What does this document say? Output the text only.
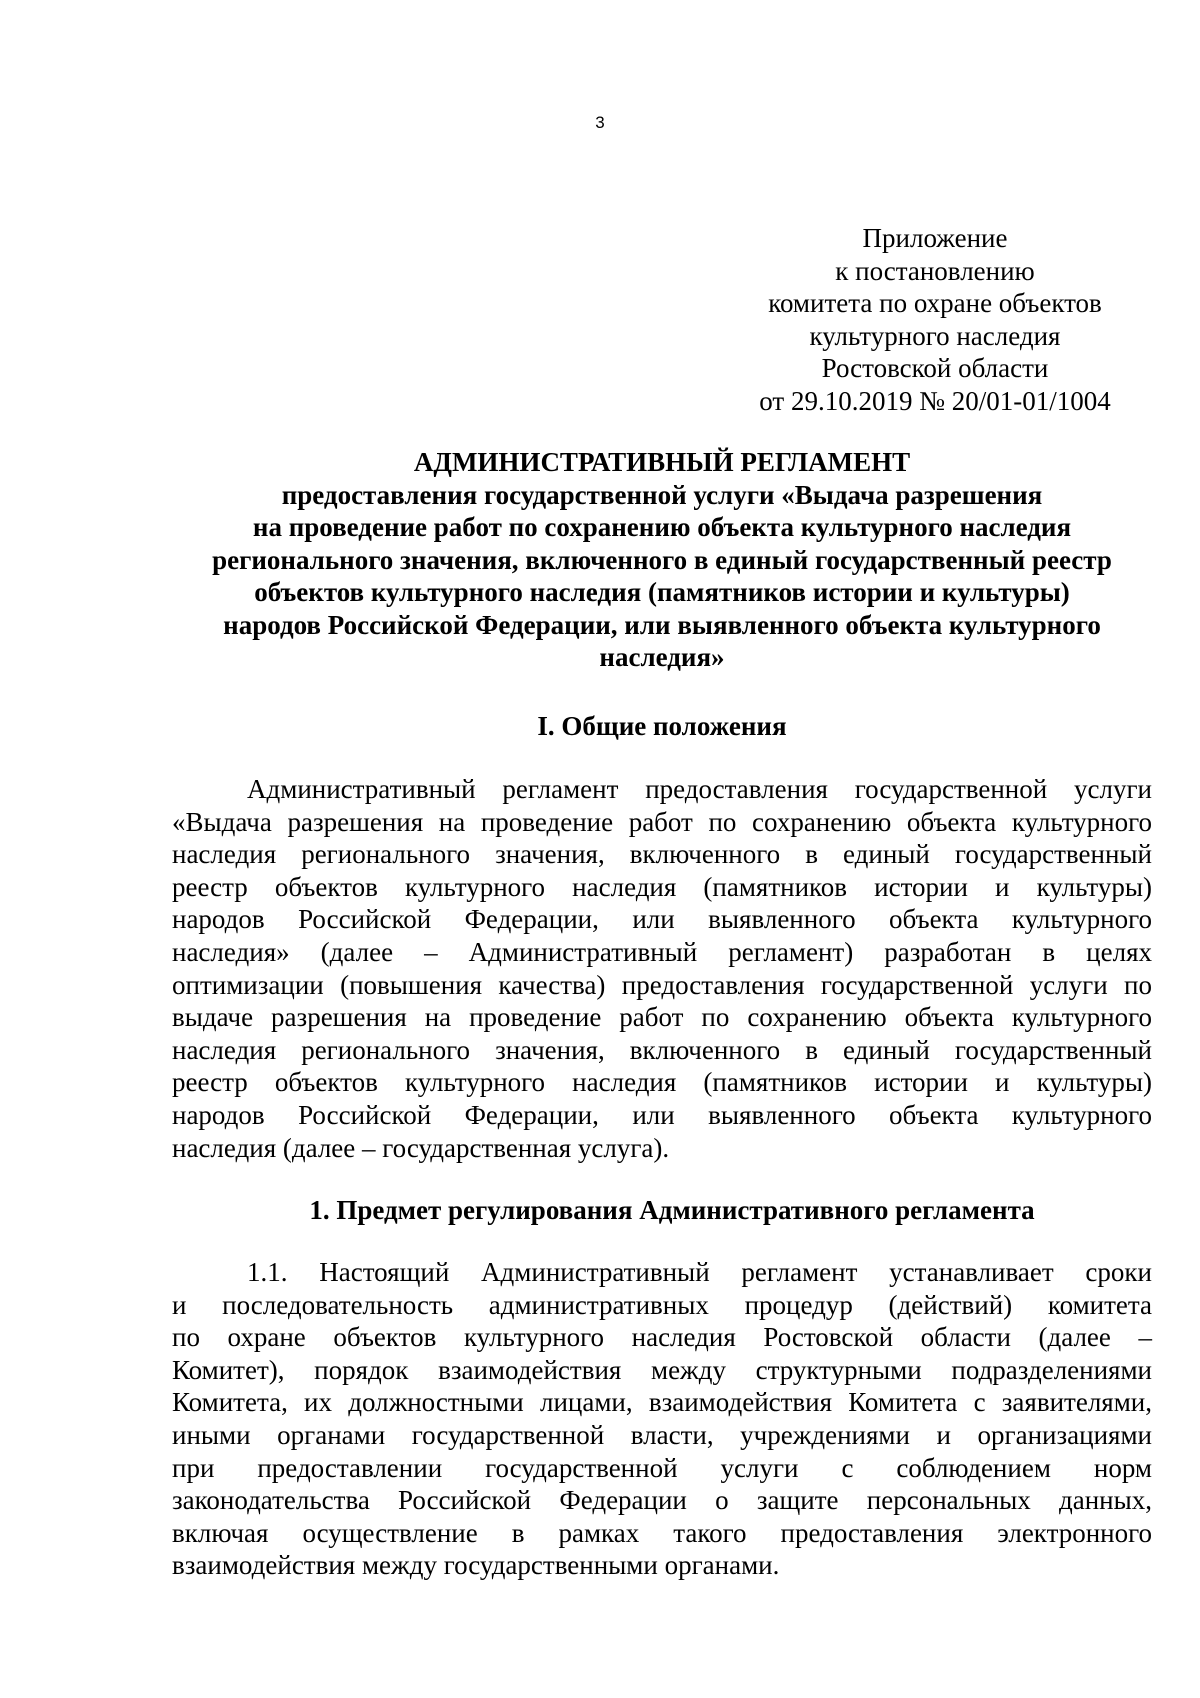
3
Приложение
к постановлению
комитета по охране объектов
культурного наследия
Ростовской области
от 29.10.2019 № 20/01-01/1004
АДМИНИСТРАТИВНЫЙ РЕГЛАМЕНТ
предоставления государственной услуги «Выдача разрешения
на проведение работ по сохранению объекта культурного наследия
регионального значения, включенного в единый государственный реестр
объектов культурного наследия (памятников истории и культуры)
народов Российской Федерации, или выявленного объекта культурного
наследия»
I. Общие положения
Административный регламент предоставления государственной услуги
«Выдача разрешения на проведение работ по сохранению объекта культурного
наследия регионального значения, включенного в единый государственный
реестр объектов культурного наследия (памятников истории и культуры)
народов Российской Федерации, или выявленного объекта культурного
наследия» (далее – Административный регламент) разработан в целях
оптимизации (повышения качества) предоставления государственной услуги по
выдаче разрешения на проведение работ по сохранению объекта культурного
наследия регионального значения, включенного в единый государственный
реестр объектов культурного наследия (памятников истории и культуры)
народов Российской Федерации, или выявленного объекта культурного
наследия (далее – государственная услуга).
1. Предмет регулирования Административного регламента
1.1. Настоящий Административный регламент устанавливает сроки
и последовательность административных процедур (действий) комитета
по охране объектов культурного наследия Ростовской области (далее –
Комитет), порядок взаимодействия между структурными подразделениями
Комитета, их должностными лицами, взаимодействия Комитета с заявителями,
иными органами государственной власти, учреждениями и организациями
при предоставлении государственной услуги с соблюдением норм
законодательства Российской Федерации о защите персональных данных,
включая осуществление в рамках такого предоставления электронного
взаимодействия между государственными органами.
